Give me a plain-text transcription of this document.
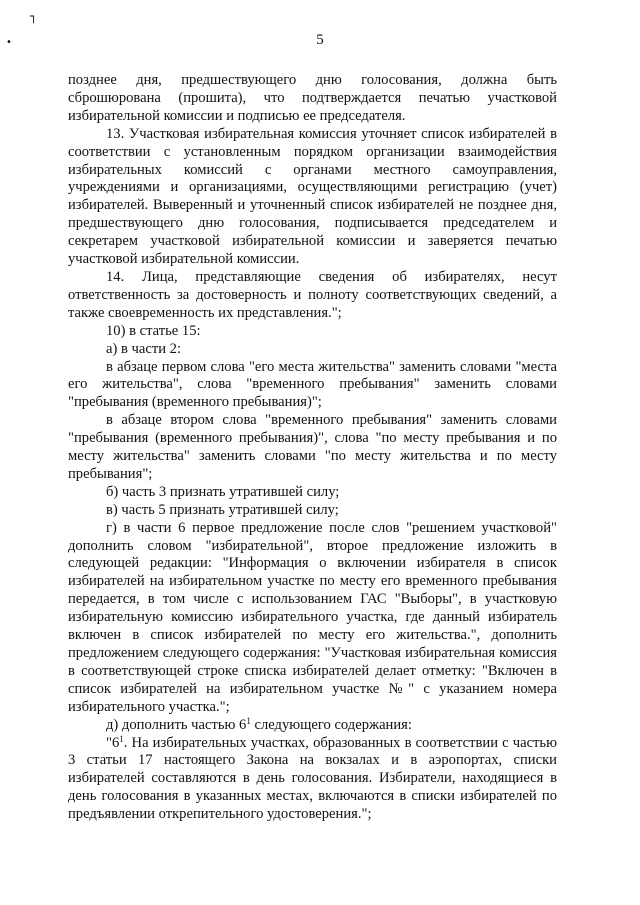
┐
•	5

позднее дня, предшествующего дню голосования, должна быть сброшюрована (прошита), что подтверждается печатью участковой избирательной комиссии и подписью ее председателя.

13. Участковая избирательная комиссия уточняет список избирателей в соответствии с установленным порядком организации взаимодействия избирательных комиссий с органами местного самоуправления, учреждениями и организациями, осуществляющими регистрацию (учет) избирателей. Выверенный и уточненный список избирателей не позднее дня, предшествующего дню голосования, подписывается председателем и секретарем участковой избирательной комиссии и заверяется печатью участковой избирательной комиссии.

14. Лица, представляющие сведения об избирателях, несут ответственность за достоверность и полноту соответствующих сведений, а также своевременность их представления.";

10) в статье 15:

а) в части 2:

в абзаце первом слова "его места жительства" заменить словами "места его жительства", слова "временного пребывания" заменить словами "пребывания (временного пребывания)";

в абзаце втором слова "временного пребывания" заменить словами "пребывания (временного пребывания)", слова "по месту пребывания и по месту жительства" заменить словами "по месту жительства и по месту пребывания";

б) часть 3 признать утратившей силу;

в) часть 5 признать утратившей силу;

г) в части 6 первое предложение после слов "решением участковой" дополнить словом "избирательной", второе предложение изложить в следующей редакции: "Информация о включении избирателя в список избирателей на избирательном участке по месту его временного пребывания передается, в том числе с использованием ГАС "Выборы", в участковую избирательную комиссию избирательного участка, где данный избиратель включен в список избирателей по месту его жительства.", дополнить предложением следующего содержания: "Участковая избирательная комиссия в соответствующей строке списка избирателей делает отметку: "Включен в список избирателей на избирательном участке №" с указанием номера избирательного участка.";

д) дополнить частью $6^1$ следующего содержания:

"$6^1$. На избирательных участках, образованных в соответствии с частью 3 статьи 17 настоящего Закона на вокзалах и в аэропортах, списки избирателей составляются в день голосования. Избиратели, находящиеся в день голосования в указанных местах, включаются в списки избирателей по предъявлении открепительного удостоверения.";
